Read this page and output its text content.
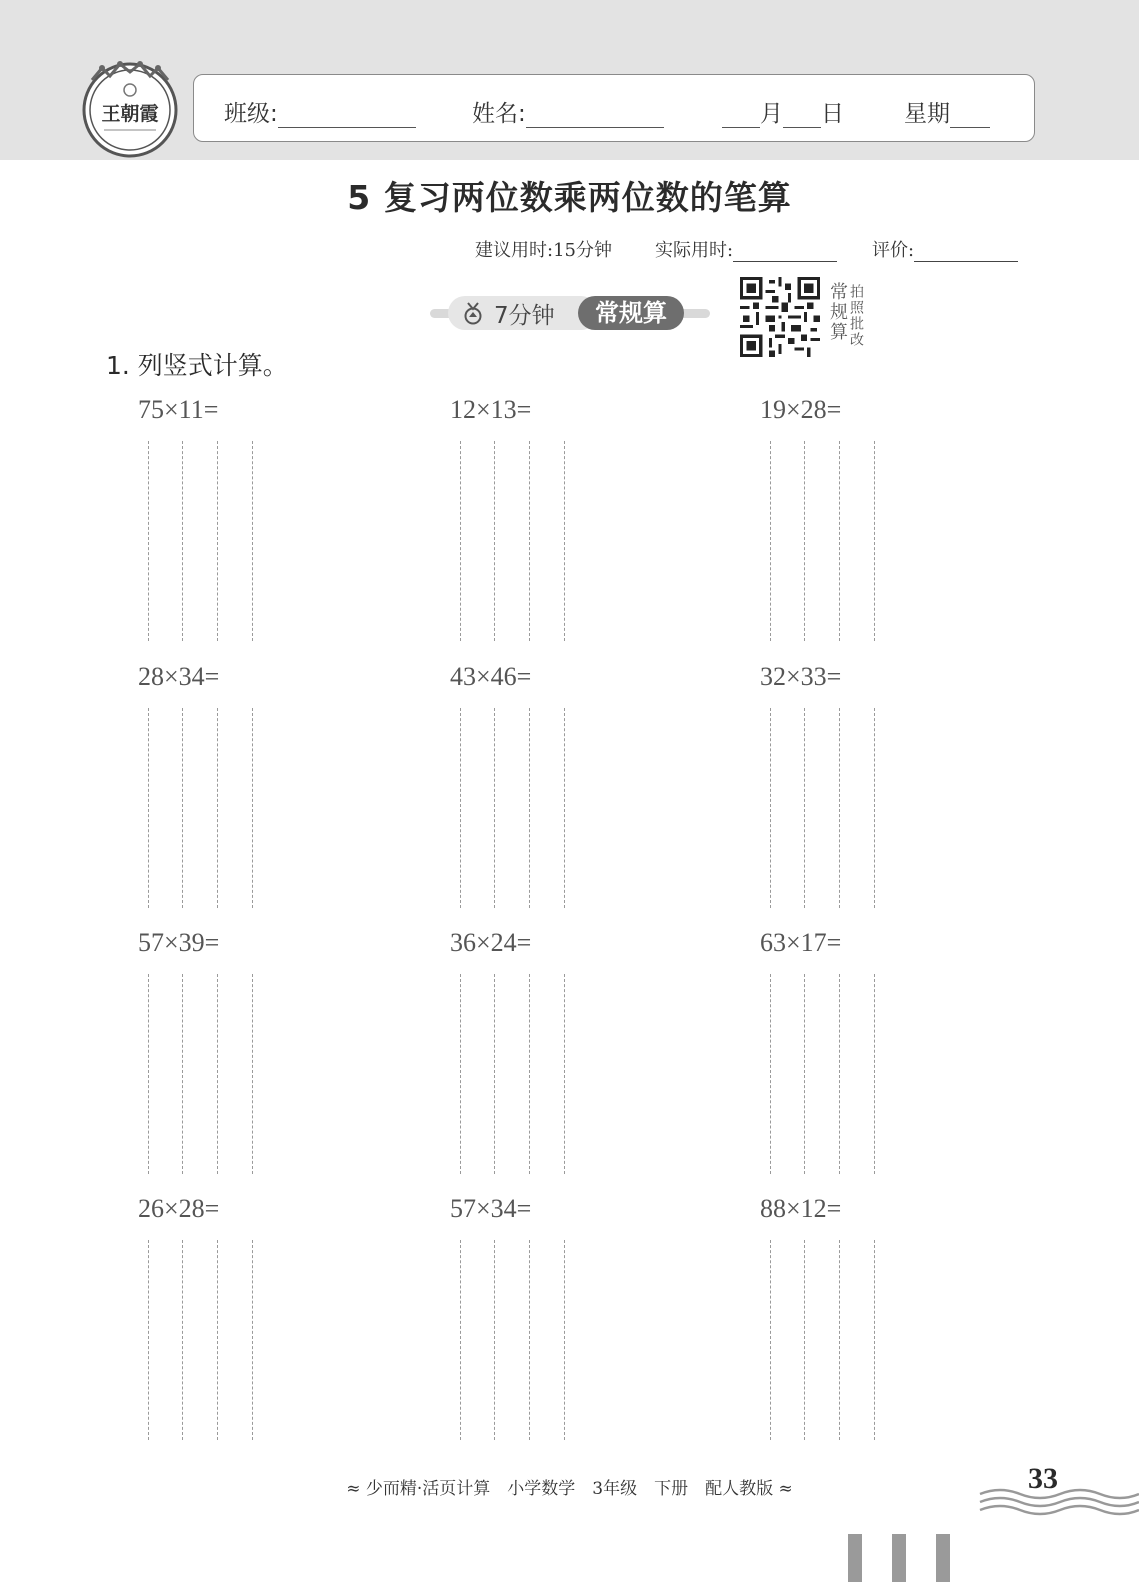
王朝霞	班级:	姓名:	月 日	星期
5 复习两位数乘两位数的笔算
建议用时:15分钟 实际用时:	评价:
7分钟	常规算	常规算 拍照批改
1. 列竖式计算。
75×11=	12×13=	19×28=
28×34=	43×46=	32×33=
57×39=	36×24=	63×17=
26×28=	57×34=	88×12=
≈ 少而精·活页计算　小学数学　3年级　下册　配人教版 ≈	33
